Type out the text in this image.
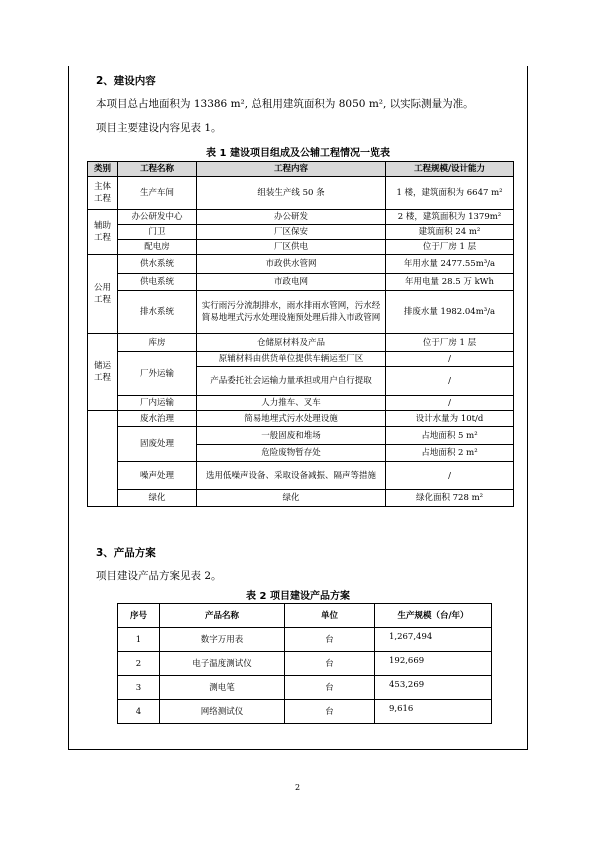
2、建设内容
本项目总占地面积为 13386 m², 总租用建筑面积为 8050 m², 以实际测量为准。
项目主要建设内容见表 1。
表 1 建设项目组成及公辅工程情况一览表
类别	工程名称	工程内容	工程规模/设计能力
主体
工程	生产车间	组装生产线 50 条	1 楼，建筑面积为 6647 m²
辅助
工程	办公研发中心	办公研发	2 楼，建筑面积为 1379m²
	门卫	厂区保安	建筑面积 24 m²
	配电房	厂区供电	位于厂房 1 层
公用
工程	供水系统	市政供水管网	年用水量 2477.55m³/a
	供电系统	市政电网	年用电量 28.5 万 kWh
	排水系统	实行雨污分流制排水，雨水排雨水管网，污水经简易地埋式污水处理设施预处理后排入市政管网	排废水量 1982.04m³/a
储运
工程	库房	仓储原材料及产品	位于厂房 1 层
	厂外运输	原辅材料由供货单位提供车辆运至厂区	/
		产品委托社会运输力量承担或用户自行提取	/
	厂内运输	人力推车、叉车	/
	废水治理	简易地埋式污水处理设施	设计水量为 10t/d
	固废处理	一般固废和堆场	占地面积 5 m²
		危险废物暂存处	占地面积 2 m²
	噪声处理	选用低噪声设备、采取设备减振、隔声等措施	/
	绿化	绿化	绿化面积 728 m²
3、产品方案
项目建设产品方案见表 2。
表 2 项目建设产品方案
序号	产品名称	单位	生产规模（台/年）
1	数字万用表	台	1,267,494
2	电子温度测试仪	台	192,669
3	测电笔	台	453,269
4	网络测试仪	台	9,616
2
